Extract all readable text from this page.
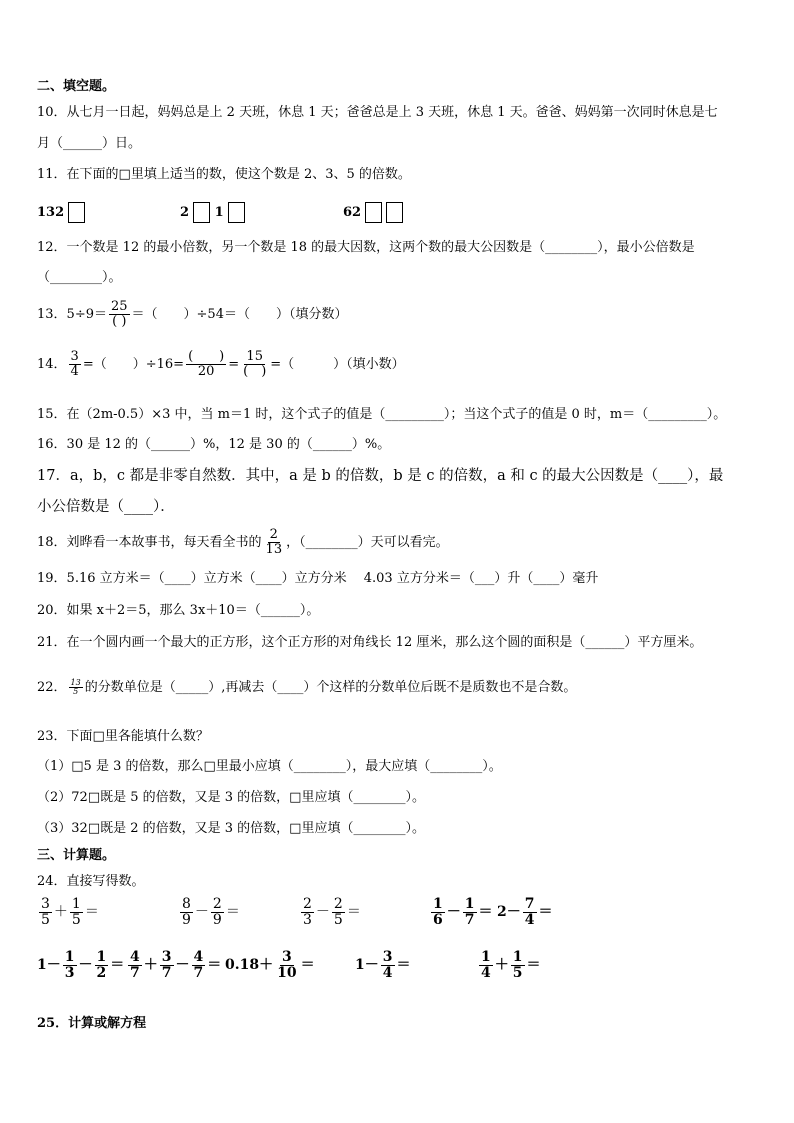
二、填空题。
10．从七月一日起，妈妈总是上 2 天班，休息 1 天；爸爸总是上 3 天班，休息 1 天。爸爸、妈妈第一次同时休息是七
月（______）日。
11．在下面的□里填上适当的数，使这个数是 2、3、5 的倍数。
132	2 1	62
12．一个数是 12 的最小倍数，另一个数是 18 的最大因数，这两个数的最大公因数是（________），最小公倍数是
（________）。
13．$5\div 9= \frac{25}{( )}$ ＝（　　）÷54＝（　　）（填分数）
14． $\frac{3}{4}$ =（　　）$\div 16= \frac{( )}{20} = \frac{15}{( )}$ =（　　　）（填小数）
15．在（2m-0.5）×3 中，当 m＝1 时，这个式子的值是（_________）；当这个式子的值是 0 时，m＝（_________）。
16．30 是 12 的（______）%，12 是 30 的（______）%。
17．a，b，c 都是非零自然数．其中，a 是 b 的倍数，b 是 c 的倍数，a 和 c 的最大公因数是（____），最
小公倍数是（____）．
18．刘晔看一本故事书，每天看全书的 $\frac{2}{13}$ ，（________）天可以看完。
19．5.16 立方米＝（____）立方米（____）立方分米　 4.03 立方分米＝（___）升（____）毫升
20．如果 x＋2＝5，那么 3x＋10＝（______）。
21．在一个圆内画一个最大的正方形，这个正方形的对角线长 12 厘米，那么这个圆的面积是（______）平方厘米。
22． $\frac{13}{5}$ 的分数单位是（_____）,再减去（____）个这样的分数单位后既不是质数也不是合数。
23．下面□里各能填什么数？
（1）□5 是 3 的倍数，那么□里最小应填（________），最大应填（________）。
（2）72□既是 5 的倍数，又是 3 的倍数，□里应填（________）。
（3）32□既是 2 的倍数，又是 3 的倍数，□里应填（________）。
三、计算题。
24．直接写得数。
$\frac{3}{5} + \frac{1}{5}$ ＝	$\frac{8}{9} - \frac{2}{9}$ ＝	$\frac{2}{3} - \frac{2}{5}$ ＝	$\frac{1}{6} - \frac{1}{7} = 2- \frac{7}{4}$ ＝
$1- \frac{1}{3} - \frac{1}{2} = \frac{4}{7} + \frac{3}{7} - \frac{4}{7} = 0.18+ \frac{3}{10}$ ＝	$1- \frac{3}{4}$ ＝	$\frac{1}{4} + \frac{1}{5}$ ＝
25．计算或解方程
